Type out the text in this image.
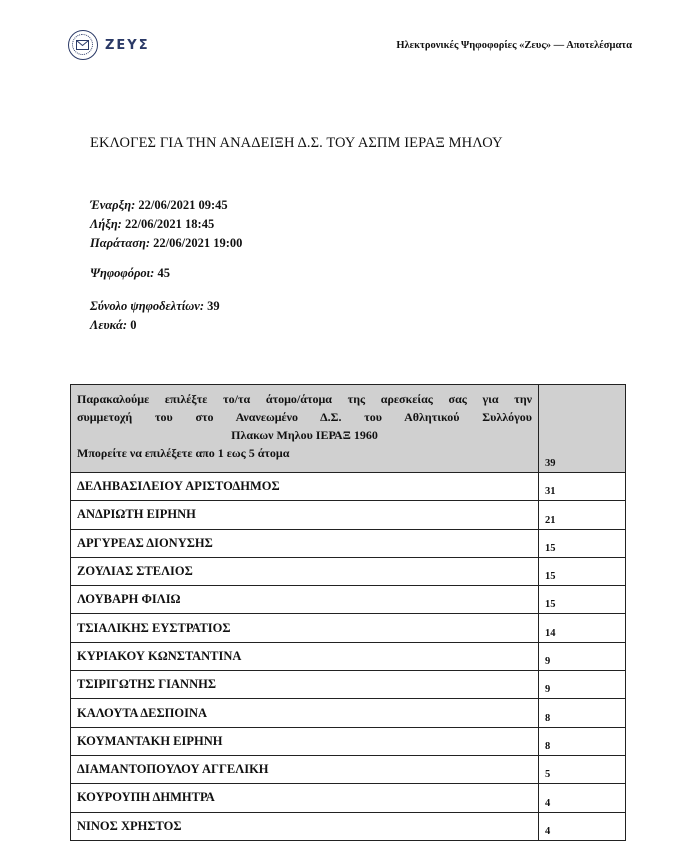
ΖΕΥΣ	Ηλεκτρονικές Ψηφοφορίες «Ζευς» — Αποτελέσματα
ΕΚΛΟΓΕΣ ΓΙΑ ΤΗΝ ΑΝΑΔΕΙΞΗ Δ.Σ. ΤΟΥ ΑΣΠΜ ΙΕΡΑΞ ΜΗΛΟΥ
Έναρξη: 22/06/2021 09:45
Λήξη: 22/06/2021 18:45
Παράταση: 22/06/2021 19:00
Ψηφοφόροι: 45
Σύνολο ψηφοδελτίων: 39
Λευκά: 0
Παρακαλούμε επιλέξτε το/τα άτομο/άτομα της αρεσκείας σας για την
συμμετοχή του στο Ανανεωμένο Δ.Σ. του Αθλητικού Συλλόγου
Πλακων Μηλου ΙΕΡΑΞ 1960
Μπορείτε να επιλέξετε απο 1 εως 5 άτομα	39
ΔΕΛΗΒΑΣΙΛΕΙΟΥ ΑΡΙΣΤΟΔΗΜΟΣ	31
ΑΝΔΡΙΩΤΗ ΕΙΡΗΝΗ	21
ΑΡΓΥΡΕΑΣ ΔΙΟΝΥΣΗΣ	15
ΖΟΥΛΙΑΣ ΣΤΕΛΙΟΣ	15
ΛΟΥΒΑΡΗ ΦΙΛΙΩ	15
ΤΣΙΑΛΙΚΗΣ ΕΥΣΤΡΑΤΙΟΣ	14
ΚΥΡΙΑΚΟΥ ΚΩΝΣΤΑΝΤΙΝΑ	9
ΤΣΙΡΙΓΩΤΗΣ ΓΙΑΝΝΗΣ	9
ΚΑΛΟΥΤΑ ΔΕΣΠΟΙΝΑ	8
ΚΟΥΜΑΝΤΑΚΗ ΕΙΡΗΝΗ	8
ΔΙΑΜΑΝΤΟΠΟΥΛΟΥ ΑΓΓΕΛΙΚΗ	5
ΚΟΥΡΟΥΠΗ ΔΗΜΗΤΡΑ	4
ΝΙΝΟΣ ΧΡΗΣΤΟΣ	4
